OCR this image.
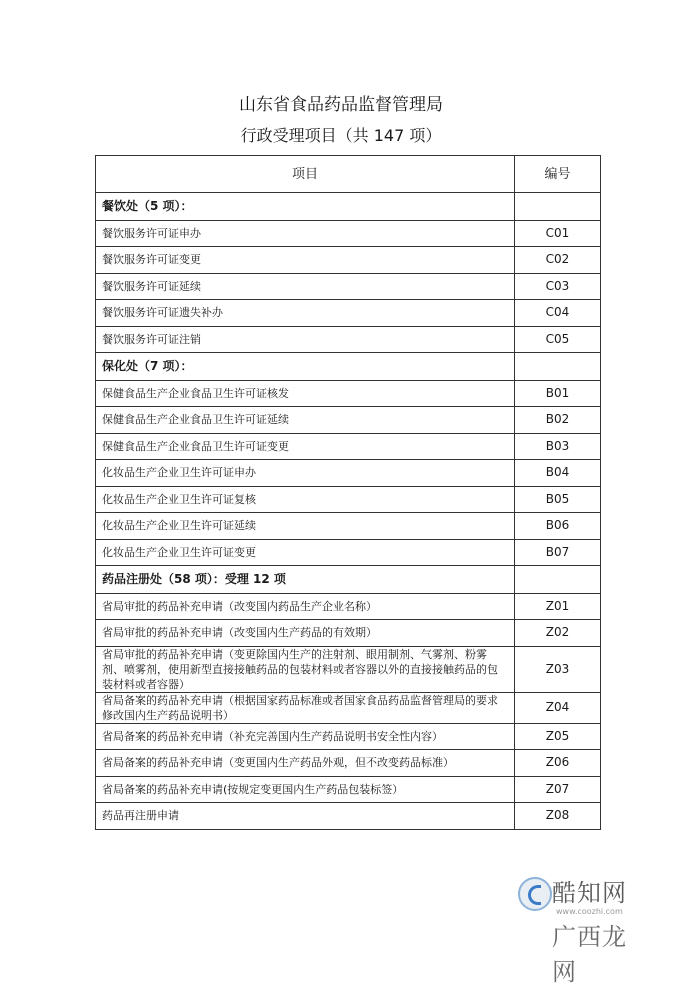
山东省食品药品监督管理局
行政受理项目（共 147 项）
项目	编号
餐饮处（5 项）：	
餐饮服务许可证申办	C01
餐饮服务许可证变更	C02
餐饮服务许可证延续	C03
餐饮服务许可证遗失补办	C04
餐饮服务许可证注销	C05
保化处（7 项）：	
保健食品生产企业食品卫生许可证核发	B01
保健食品生产企业食品卫生许可证延续	B02
保健食品生产企业食品卫生许可证变更	B03
化妆品生产企业卫生许可证申办	B04
化妆品生产企业卫生许可证复核	B05
化妆品生产企业卫生许可证延续	B06
化妆品生产企业卫生许可证变更	B07
药品注册处（58 项）：受理 12 项	
省局审批的药品补充申请（改变国内药品生产企业名称）	Z01
省局审批的药品补充申请（改变国内生产药品的有效期）	Z02
省局审批的药品补充申请（变更除国内生产的注射剂、眼用制剂、气雾剂、粉雾剂、喷雾剂，使用新型直接接触药品的包装材料或者容器以外的直接接触药品的包装材料或者容器）	Z03
省局备案的药品补充申请（根据国家药品标准或者国家食品药品监督管理局的要求修改国内生产药品说明书）	Z04
省局备案的药品补充申请（补充完善国内生产药品说明书安全性内容）	Z05
省局备案的药品补充申请（变更国内生产药品外观，但不改变药品标准）	Z06
省局备案的药品补充申请(按规定变更国内生产药品包装标签）	Z07
药品再注册申请	Z08
酷知网
www.coozhi.com
广西龙网
